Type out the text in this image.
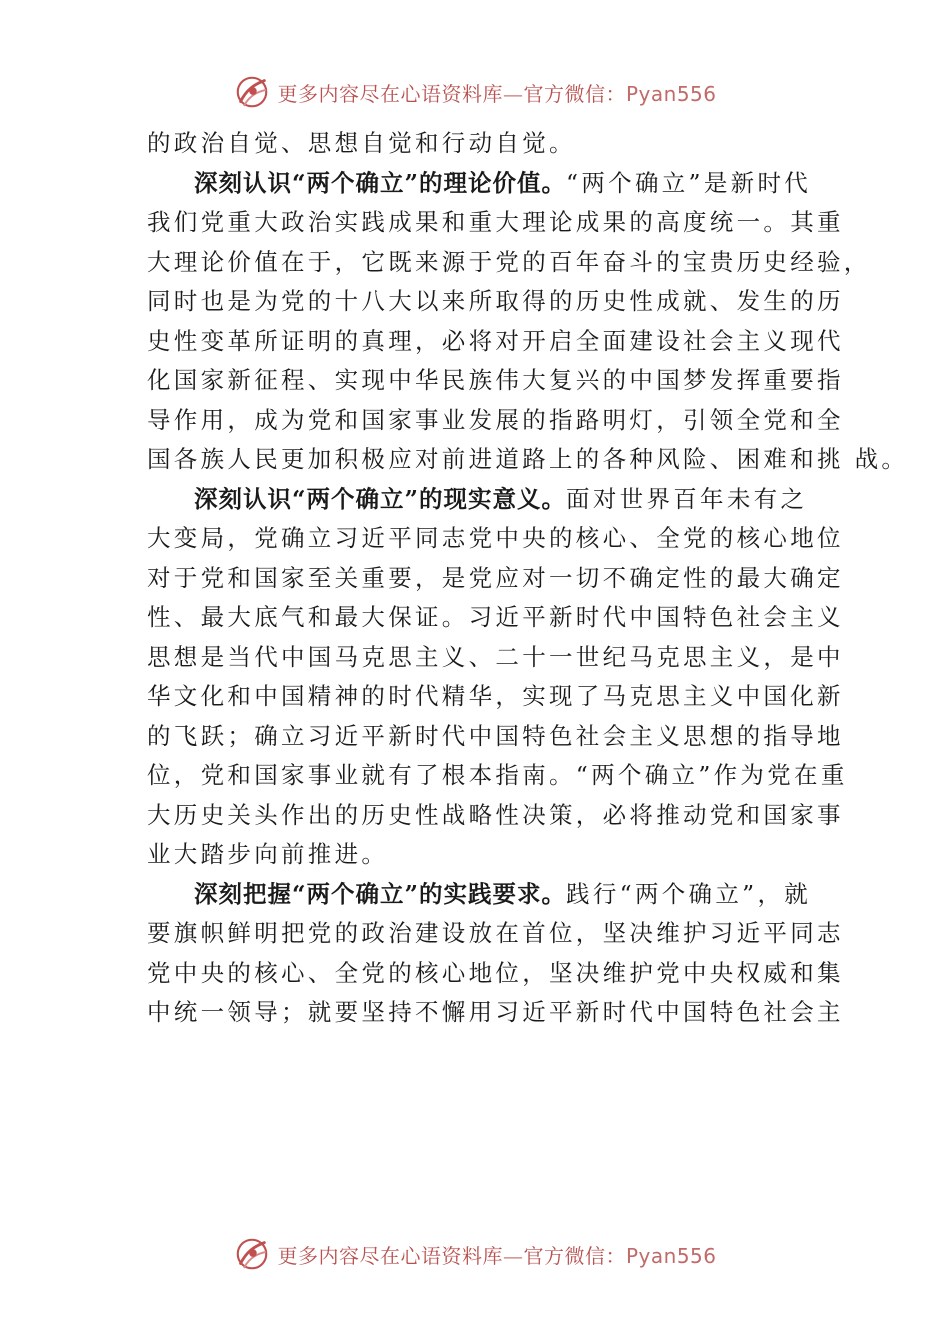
更多内容尽在心语资料库—官方微信：Pyan556
的政治自觉、思想自觉和行动自觉。
深刻认识“两个确立”的理论价值。“两个确立”是新时代
我们党重大政治实践成果和重大理论成果的高度统一。其重
大理论价值在于，它既来源于党的百年奋斗的宝贵历史经验，
同时也是为党的十八大以来所取得的历史性成就、发生的历
史性变革所证明的真理，必将对开启全面建设社会主义现代
化国家新征程、实现中华民族伟大复兴的中国梦发挥重要指
导作用，成为党和国家事业发展的指路明灯，引领全党和全
国各族人民更加积极应对前进道路上的各种风险、困难和挑 战。
深刻认识“两个确立”的现实意义。面对世界百年未有之
大变局，党确立习近平同志党中央的核心、全党的核心地位
对于党和国家至关重要，是党应对一切不确定性的最大确定
性、最大底气和最大保证。习近平新时代中国特色社会主义
思想是当代中国马克思主义、二十一世纪马克思主义，是中
华文化和中国精神的时代精华，实现了马克思主义中国化新
的飞跃；确立习近平新时代中国特色社会主义思想的指导地
位，党和国家事业就有了根本指南。“两个确立”作为党在重
大历史关头作出的历史性战略性决策，必将推动党和国家事
业大踏步向前推进。
深刻把握“两个确立”的实践要求。践行“两个确立”，就
要旗帜鲜明把党的政治建设放在首位，坚决维护习近平同志
党中央的核心、全党的核心地位，坚决维护党中央权威和集
中统一领导；就要坚持不懈用习近平新时代中国特色社会主
更多内容尽在心语资料库—官方微信：Pyan556
